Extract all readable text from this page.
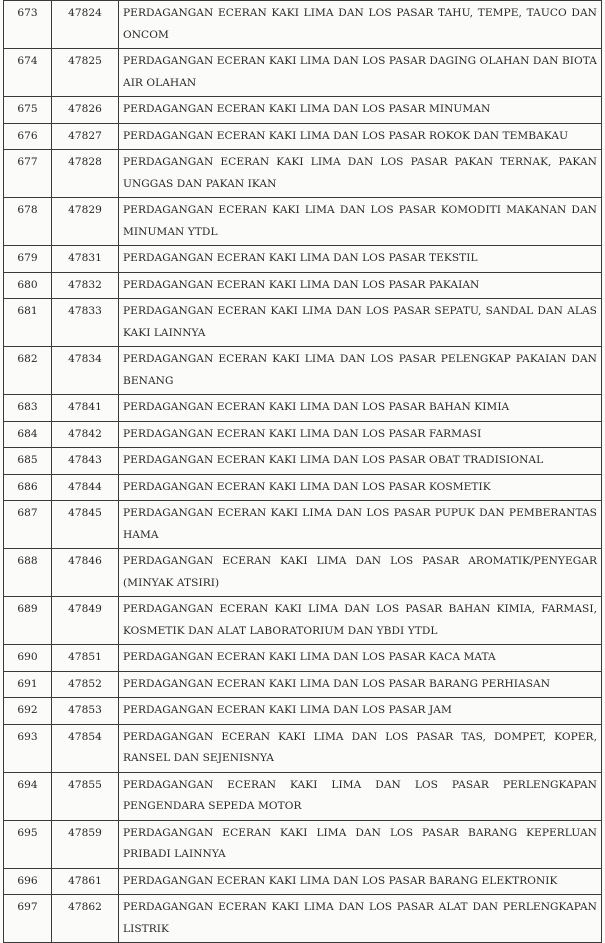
673	47824	PERDAGANGAN ECERAN KAKI LIMA DAN LOS PASAR TAHU, TEMPE, TAUCO DAN ONCOM
674	47825	PERDAGANGAN ECERAN KAKI LIMA DAN LOS PASAR DAGING OLAHAN DAN BIOTA AIR OLAHAN
675	47826	PERDAGANGAN ECERAN KAKI LIMA DAN LOS PASAR MINUMAN
676	47827	PERDAGANGAN ECERAN KAKI LIMA DAN LOS PASAR ROKOK DAN TEMBAKAU
677	47828	PERDAGANGAN ECERAN KAKI LIMA DAN LOS PASAR PAKAN TERNAK, PAKAN UNGGAS DAN PAKAN IKAN
678	47829	PERDAGANGAN ECERAN KAKI LIMA DAN LOS PASAR KOMODITI MAKANAN DAN MINUMAN YTDL
679	47831	PERDAGANGAN ECERAN KAKI LIMA DAN LOS PASAR TEKSTIL
680	47832	PERDAGANGAN ECERAN KAKI LIMA DAN LOS PASAR PAKAIAN
681	47833	PERDAGANGAN ECERAN KAKI LIMA DAN LOS PASAR SEPATU, SANDAL DAN ALAS KAKI LAINNYA
682	47834	PERDAGANGAN ECERAN KAKI LIMA DAN LOS PASAR PELENGKAP PAKAIAN DAN BENANG
683	47841	PERDAGANGAN ECERAN KAKI LIMA DAN LOS PASAR BAHAN KIMIA
684	47842	PERDAGANGAN ECERAN KAKI LIMA DAN LOS PASAR FARMASI
685	47843	PERDAGANGAN ECERAN KAKI LIMA DAN LOS PASAR OBAT TRADISIONAL
686	47844	PERDAGANGAN ECERAN KAKI LIMA DAN LOS PASAR KOSMETIK
687	47845	PERDAGANGAN ECERAN KAKI LIMA DAN LOS PASAR PUPUK DAN PEMBERANTAS HAMA
688	47846	PERDAGANGAN ECERAN KAKI LIMA DAN LOS PASAR AROMATIK/PENYEGAR (MINYAK ATSIRI)
689	47849	PERDAGANGAN ECERAN KAKI LIMA DAN LOS PASAR BAHAN KIMIA, FARMASI, KOSMETIK DAN ALAT LABORATORIUM DAN YBDI YTDL
690	47851	PERDAGANGAN ECERAN KAKI LIMA DAN LOS PASAR KACA MATA
691	47852	PERDAGANGAN ECERAN KAKI LIMA DAN LOS PASAR BARANG PERHIASAN
692	47853	PERDAGANGAN ECERAN KAKI LIMA DAN LOS PASAR JAM
693	47854	PERDAGANGAN ECERAN KAKI LIMA DAN LOS PASAR TAS, DOMPET, KOPER, RANSEL DAN SEJENISNYA
694	47855	PERDAGANGAN ECERAN KAKI LIMA DAN LOS PASAR PERLENGKAPAN PENGENDARA SEPEDA MOTOR
695	47859	PERDAGANGAN ECERAN KAKI LIMA DAN LOS PASAR BARANG KEPERLUAN PRIBADI LAINNYA
696	47861	PERDAGANGAN ECERAN KAKI LIMA DAN LOS PASAR BARANG ELEKTRONIK
697	47862	PERDAGANGAN ECERAN KAKI LIMA DAN LOS PASAR ALAT DAN PERLENGKAPAN LISTRIK
